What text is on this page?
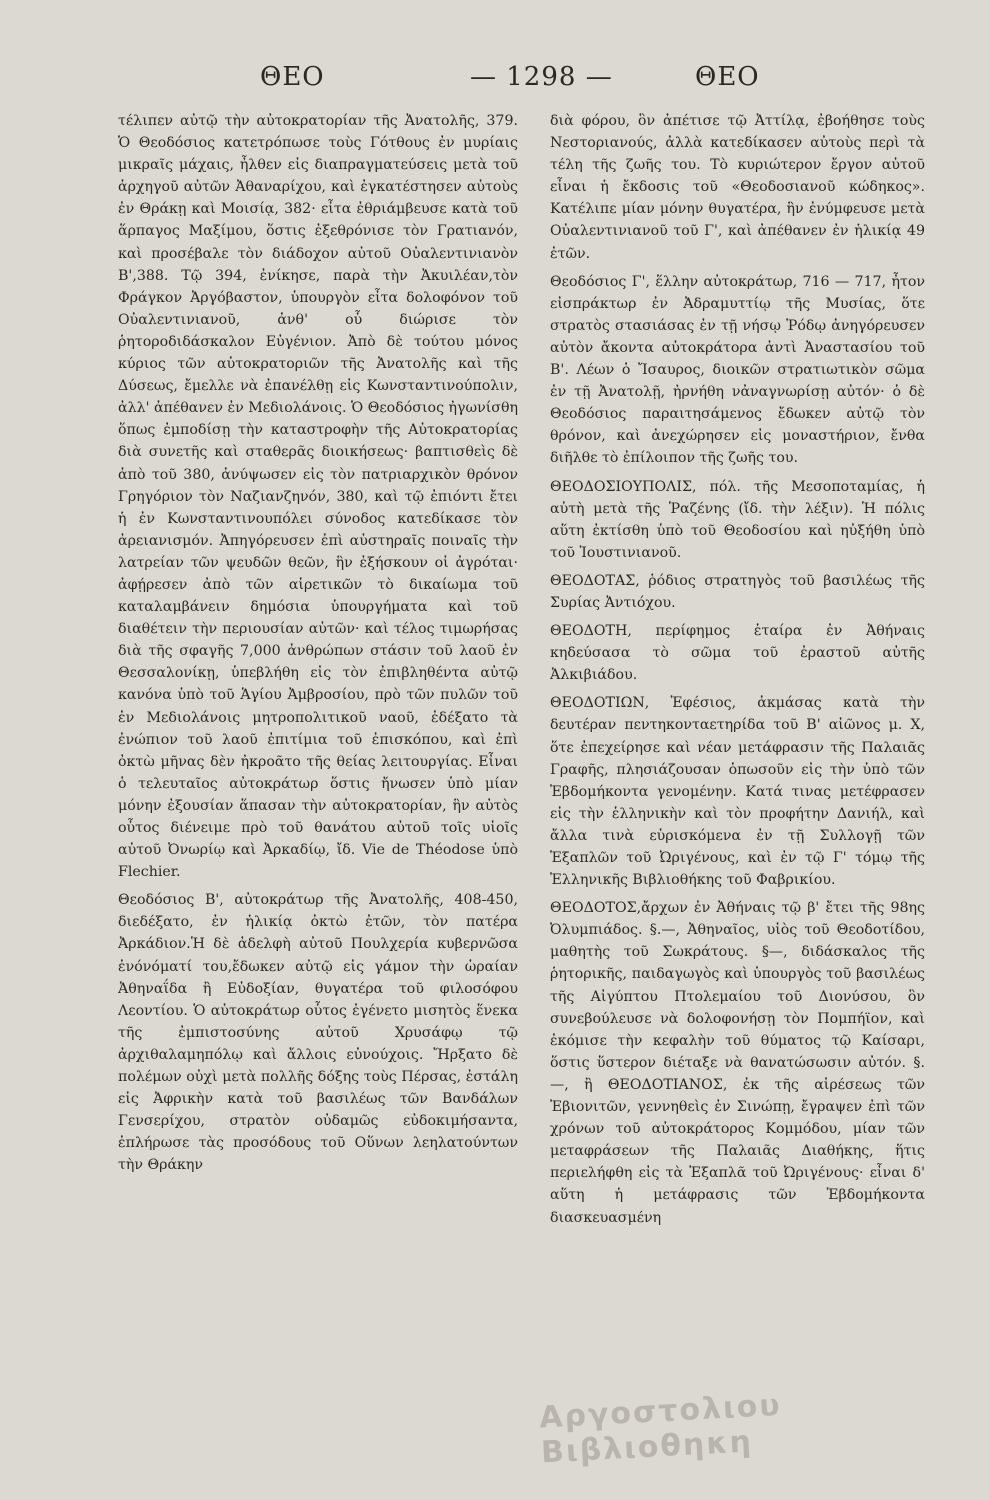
ΘΕΟ	— 1298 —	ΘΕΟ

τέλιπεν αὐτῷ τὴν αὐτοκρατορίαν τῆς Ἀνατολῆς, 379. Ὁ Θεοδόσιος κατετρόπωσε τοὺς Γότθους ἐν μυρίαις μικραῖς μάχαις, ἦλθεν εἰς διαπραγματεύσεις μετὰ τοῦ ἀρχηγοῦ αὐτῶν Ἀθαναρίχου, καὶ ἐγκατέστησεν αὐτοὺς ἐν Θράκῃ καὶ Μοισίᾳ, 382· εἶτα ἐθριάμβευσε κατὰ τοῦ ἅρπαγος Μαξίμου, ὅστις ἐξεθρόνισε τὸν Γρατιανόν, καὶ προσέβαλε τὸν διάδοχον αὐτοῦ Οὐαλεντινιανὸν Β',388. Τῷ 394, ἐνίκησε, παρὰ τὴν Ἀκυιλέαν,τὸν Φράγκον Ἀργόβαστον, ὑπουργὸν εἶτα δολοφόνον τοῦ Οὐαλεντινιανοῦ, ἀνθ' οὗ διώρισε τὸν ῥητοροδιδάσκαλον Εὐγένιον. Ἀπὸ δὲ τούτου μόνος κύριος τῶν αὐτοκρατοριῶν τῆς Ἀνατολῆς καὶ τῆς Δύσεως, ἔμελλε νὰ ἐπανέλθῃ εἰς Κωνσταντινούπολιν, ἀλλ' ἀπέθανεν ἐν Μεδιολάνοις. Ὁ Θεοδόσιος ἠγωνίσθη ὅπως ἐμποδίσῃ τὴν καταστροφὴν τῆς Αὐτοκρατορίας διὰ συνετῆς καὶ σταθερᾶς διοικήσεως· βαπτισθεὶς δὲ ἀπὸ τοῦ 380, ἀνύψωσεν εἰς τὸν πατριαρχικὸν θρόνον Γρηγόριον τὸν Ναζιανζηνόν, 380, καὶ τῷ ἐπιόντι ἔτει ἡ ἐν Κωνσταντινουπόλει σύνοδος κατεδίκασε τὸν ἀρειανισμόν. Ἀπηγόρευσεν ἐπὶ αὐστηραῖς ποιναῖς τὴν λατρείαν τῶν ψευδῶν θεῶν, ἣν ἐξήσκουν οἱ ἀγρόται· ἀφῄρεσεν ἀπὸ τῶν αἱρετικῶν τὸ δικαίωμα τοῦ καταλαμβάνειν δημόσια ὑπουργήματα καὶ τοῦ διαθέτειν τὴν περιουσίαν αὐτῶν· καὶ τέλος τιμωρήσας διὰ τῆς σφαγῆς 7,000 ἀνθρώπων στάσιν τοῦ λαοῦ ἐν Θεσσαλονίκῃ, ὑπεβλήθη εἰς τὸν ἐπιβληθέντα αὐτῷ κανόνα ὑπὸ τοῦ Ἁγίου Ἀμβροσίου, πρὸ τῶν πυλῶν τοῦ ἐν Μεδιολάνοις μητροπολιτικοῦ ναοῦ, ἐδέξατο τὰ ἐνώπιον τοῦ λαοῦ ἐπιτίμια τοῦ ἐπισκόπου, καὶ ἐπὶ ὀκτὼ μῆνας δὲν ἠκροᾶτο τῆς θείας λειτουργίας. Εἶναι ὁ τελευταῖος αὐτοκράτωρ ὅστις ἤνωσεν ὑπὸ μίαν μόνην ἐξουσίαν ἅπασαν τὴν αὐτοκρατορίαν, ἣν αὐτὸς οὗτος διένειμε πρὸ τοῦ θανάτου αὐτοῦ τοῖς υἱοῖς αὐτοῦ Ὀνωρίῳ καὶ Ἀρκαδίῳ, ἴδ. Vie de Théodose ὑπὸ Flechier.

Θεοδόσιος Β', αὐτοκράτωρ τῆς Ἀνατολῆς, 408-450, διεδέξατο, ἐν ἡλικίᾳ ὀκτὼ ἐτῶν, τὸν πατέρα Ἀρκάδιον.Ἡ δὲ ἀδελφὴ αὐτοῦ Πουλχερία κυβερνῶσα ἐνόνόματί του,ἔδωκεν αὐτῷ εἰς γάμον τὴν ὡραίαν Ἀθηναΐδα ἢ Εὐδοξίαν, θυγατέρα τοῦ φιλοσόφου Λεοντίου. Ὁ αὐτοκράτωρ οὗτος ἐγένετο μισητὸς ἕνεκα τῆς ἐμπιστοσύνης αὐτοῦ Χρυσάφῳ τῷ ἀρχιθαλαμηπόλῳ καὶ ἄλλοις εὐνούχοις. Ἤρξατο δὲ πολέμων οὐχὶ μετὰ πολλῆς δόξης τοὺς Πέρσας, ἐστάλη εἰς Ἀφρικὴν κατὰ τοῦ βασιλέως τῶν Βανδάλων Γενσερίχου, στρατὸν οὐδαμῶς εὐδοκιμήσαντα, ἐπλήρωσε τὰς προσόδους τοῦ Οὕνων λεηλατούντων τὴν Θράκην

διὰ φόρου, ὃν ἀπέτισε τῷ Ἀττίλᾳ, ἐβοήθησε τοὺς Νεστοριανούς, ἀλλὰ κατεδίκασεν αὐτοὺς περὶ τὰ τέλη τῆς ζωῆς του. Τὸ κυριώτερον ἔργον αὐτοῦ εἶναι ἡ ἔκδοσις τοῦ «Θεοδοσιανοῦ κώδηκος». Κατέλιπε μίαν μόνην θυγατέρα, ἣν ἐνύμφευσε μετὰ Οὐαλεντινιανοῦ τοῦ Γ', καὶ ἀπέθανεν ἐν ἡλικίᾳ 49 ἐτῶν.

Θεοδόσιος Γ', ἕλλην αὐτοκράτωρ, 716 — 717, ἦτον εἰσπράκτωρ ἐν Ἀδραμυττίῳ τῆς Μυσίας, ὅτε στρατὸς στασιάσας ἐν τῇ νήσῳ Ῥόδῳ ἀνηγόρευσεν αὐτὸν ἄκοντα αὐτοκράτορα ἀντὶ Ἀναστασίου τοῦ Β'. Λέων ὁ Ἴσαυρος, διοικῶν στρατιωτικὸν σῶμα ἐν τῇ Ἀνατολῇ, ἠρνήθη νἀναγνωρίσῃ αὐτόν· ὁ δὲ Θεοδόσιος παραιτησάμενος ἔδωκεν αὐτῷ τὸν θρόνον, καὶ ἀνεχώρησεν εἰς μοναστήριον, ἔνθα διῆλθε τὸ ἐπίλοιπον τῆς ζωῆς του.

ΘΕΟΔΟΣΙΟΥΠΟΛΙΣ, πόλ. τῆς Μεσοποταμίας, ἡ αὐτὴ μετὰ τῆς Ῥαζένης (ἴδ. τὴν λέξιν). Ἡ πόλις αὕτη ἐκτίσθη ὑπὸ τοῦ Θεοδοσίου καὶ ηὐξήθη ὑπὸ τοῦ Ἰουστινιανοῦ.

ΘΕΟΔΟΤΑΣ, ῥόδιος στρατηγὸς τοῦ βασιλέως τῆς Συρίας Ἀντιόχου.

ΘΕΟΔΟΤΗ, περίφημος ἑταίρα ἐν Ἀθήναις κηδεύσασα τὸ σῶμα τοῦ ἐραστοῦ αὐτῆς Ἀλκιβιάδου.

ΘΕΟΔΟΤΙΩΝ, Ἐφέσιος, ἀκμάσας κατὰ τὴν δευτέραν πεντηκονταετηρίδα τοῦ Β' αἰῶνος μ. Χ, ὅτε ἐπεχείρησε καὶ νέαν μετάφρασιν τῆς Παλαιᾶς Γραφῆς, πλησιάζουσαν ὁπωσοῦν εἰς τὴν ὑπὸ τῶν Ἑβδομήκοντα γενομένην. Κατά τινας μετέφρασεν εἰς τὴν ἑλληνικὴν καὶ τὸν προφήτην Δανιήλ, καὶ ἄλλα τινὰ εὑρισκόμενα ἐν τῇ Συλλογῇ τῶν Ἑξαπλῶν τοῦ Ὠριγένους, καὶ ἐν τῷ Γ' τόμῳ τῆς Ἑλληνικῆς Βιβλιοθήκης τοῦ Φαβρικίου.

ΘΕΟΔΟΤΟΣ,ἄρχων ἐν Ἀθήναις τῷ β' ἔτει τῆς 98ης Ὀλυμπιάδος. §.—, Ἀθηναῖος, υἱὸς τοῦ Θεοδοτίδου, μαθητὴς τοῦ Σωκράτους. §—, διδάσκαλος τῆς ῥητορικῆς, παιδαγωγὸς καὶ ὑπουργὸς τοῦ βασιλέως τῆς Αἰγύπτου Πτολεμαίου τοῦ Διονύσου, ὃν συνεβούλευσε νὰ δολοφονήσῃ τὸν Πομπήϊον, καὶ ἐκόμισε τὴν κεφαλὴν τοῦ θύματος τῷ Καίσαρι, ὅστις ὕστερον διέταξε νὰ θανατώσωσιν αὐτόν. §.—, ἢ ΘΕΟΔΟΤΙΑΝΟΣ, ἐκ τῆς αἱρέσεως τῶν Ἐβιονιτῶν, γεννηθεὶς ἐν Σινώπῃ, ἔγραψεν ἐπὶ τῶν χρόνων τοῦ αὐτοκράτορος Κομμόδου, μίαν τῶν μεταφράσεων τῆς Παλαιᾶς Διαθήκης, ἥτις περιελήφθη εἰς τὰ Ἑξαπλᾶ τοῦ Ὠριγένους· εἶναι δ' αὕτη ἡ μετάφρασις τῶν Ἑβδομήκοντα διασκευασμένη

Αργοστολιου Βιβλιοθηκη
